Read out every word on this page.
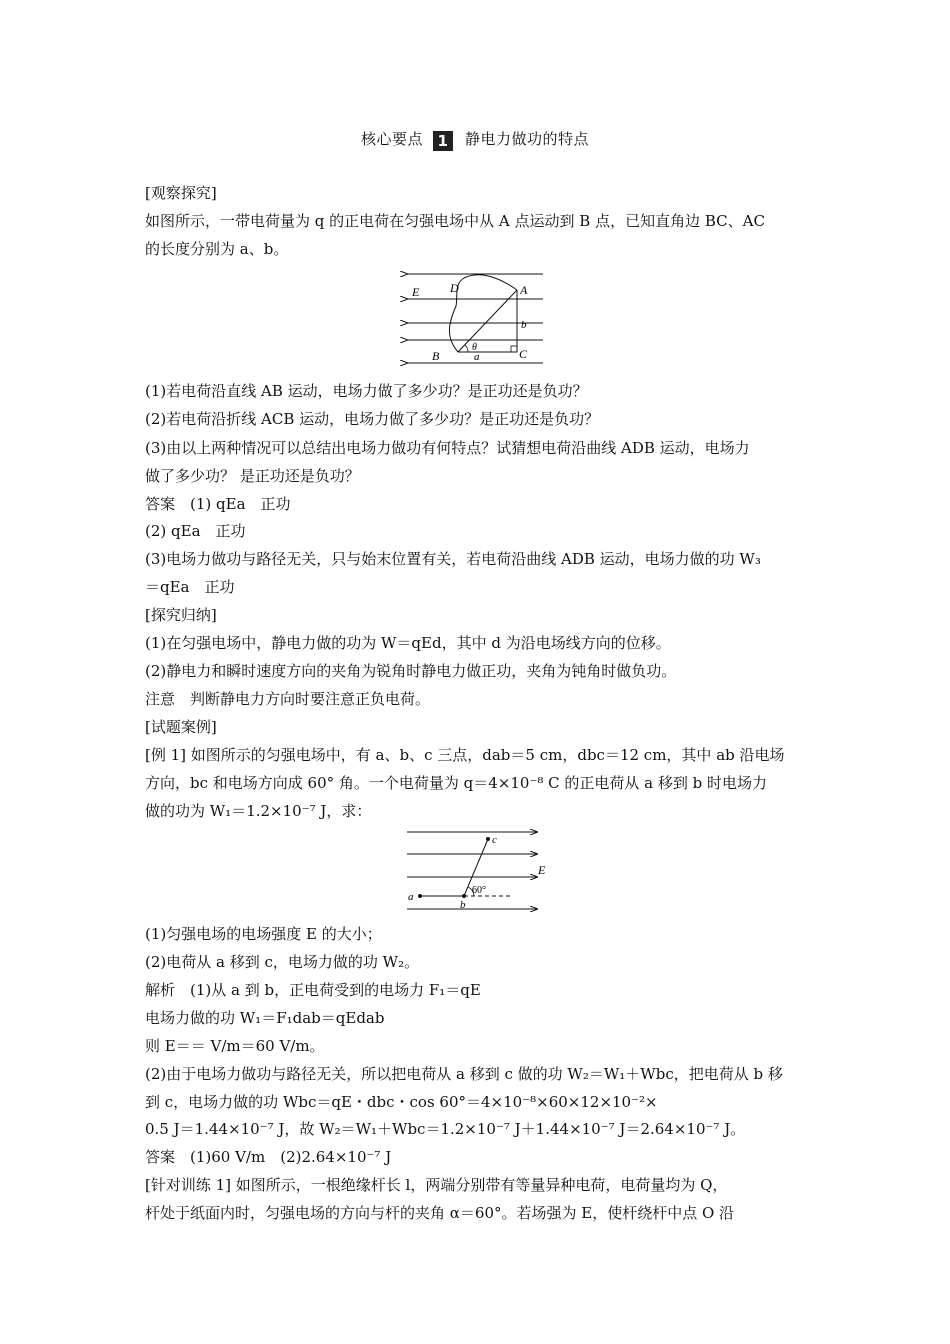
核心要点 1 静电力做功的特点
[观察探究]
如图所示，一带电荷量为 q 的正电荷在匀强电场中从 A 点运动到 B 点，已知直角边 BC、AC
的长度分别为 a、b。
E	D	A
b
θ
B	a	C
(1)若电荷沿直线 AB 运动，电场力做了多少功？是正功还是负功？
(2)若电荷沿折线 ACB 运动，电场力做了多少功？是正功还是负功？
(3)由以上两种情况可以总结出电场力做功有何特点？试猜想电荷沿曲线 ADB 运动，电场力
做了多少功？ 是正功还是负功？
答案　(1) qEa　正功
(2) qEa　正功
(3)电场力做功与路径无关，只与始末位置有关，若电荷沿曲线 ADB 运动，电场力做的功 W₃
＝qEa　正功
[探究归纳]
(1)在匀强电场中，静电力做的功为 W＝qEd，其中 d 为沿电场线方向的位移。
(2)静电力和瞬时速度方向的夹角为锐角时静电力做正功，夹角为钝角时做负功。
注意　判断静电力方向时要注意正负电荷。
[试题案例]
[例 1] 如图所示的匀强电场中，有 a、b、c 三点，dab＝5 cm，dbc＝12 cm，其中 ab 沿电场
方向，bc 和电场方向成 60° 角。一个电荷量为 q＝4×10⁻⁸ C 的正电荷从 a 移到 b 时电场力
做的功为 W₁＝1.2×10⁻⁷ J，求：
c
E
60°
a
b
(1)匀强电场的电场强度 E 的大小；
(2)电荷从 a 移到 c，电场力做的功 W₂。
解析　(1)从 a 到 b，正电荷受到的电场力 F₁＝qE
电场力做的功 W₁＝F₁dab＝qEdab
则 E＝＝ V/m＝60 V/m。
(2)由于电场力做功与路径无关，所以把电荷从 a 移到 c 做的功 W₂＝W₁＋Wbc，把电荷从 b 移
到 c，电场力做的功 Wbc＝qE・dbc・cos 60°＝4×10⁻⁸×60×12×10⁻²×
0.5 J＝1.44×10⁻⁷ J，故 W₂＝W₁＋Wbc＝1.2×10⁻⁷ J＋1.44×10⁻⁷ J＝2.64×10⁻⁷ J。
答案　(1)60 V/m　(2)2.64×10⁻⁷ J
[针对训练 1] 如图所示，一根绝缘杆长 l，两端分别带有等量异种电荷，电荷量均为 Q，
杆处于纸面内时，匀强电场的方向与杆的夹角 α＝60°。若场强为 E，使杆绕杆中点 O 沿
